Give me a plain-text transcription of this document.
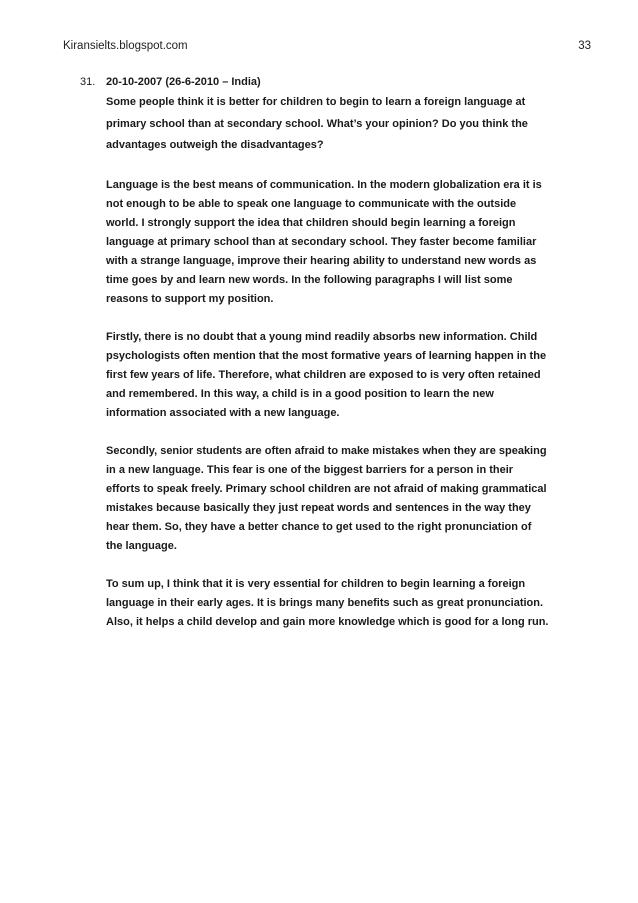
Kiransielts.blogspot.com	33
31. 20-10-2007 (26-6-2010 – India)

Some people think it is better for children to begin to learn a foreign language at primary school than at secondary school. What’s your opinion? Do you think the advantages outweigh the disadvantages?

Language is the best means of communication. In the modern globalization era it is not enough to be able to speak one language to communicate with the outside world. I strongly support the idea that children should begin learning a foreign language at primary school than at secondary school. They faster become familiar with a strange language, improve their hearing ability to understand new words as time goes by and learn new words. In the following paragraphs I will list some reasons to support my position.

Firstly, there is no doubt that a young mind readily absorbs new information. Child psychologists often mention that the most formative years of learning happen in the first few years of life. Therefore, what children are exposed to is very often retained and remembered. In this way, a child is in a good position to learn the new information associated with a new language.

Secondly, senior students are often afraid to make mistakes when they are speaking in a new language. This fear is one of the biggest barriers for a person in their efforts to speak freely. Primary school children are not afraid of making grammatical mistakes because basically they just repeat words and sentences in the way they hear them. So, they have a better chance to get used to the right pronunciation of the language.

To sum up, I think that it is very essential for children to begin learning a foreign language in their early ages. It is brings many benefits such as great pronunciation. Also, it helps a child develop and gain more knowledge which is good for a long run.
